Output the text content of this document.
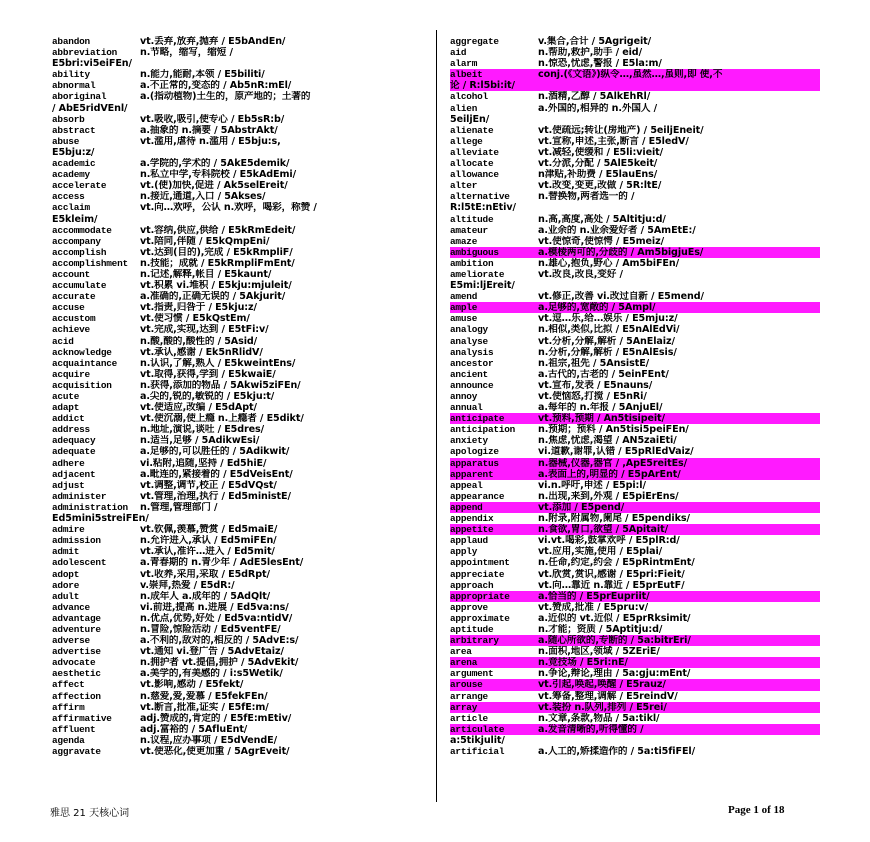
abandon	vt.丢弃,放弃,抛弃 / E5bAndEn/
abbreviation n.节略，缩写，缩短 /
E5bri:vi5eiFEn/
ability	n.能力,能耐,本领 / E5biliti/
abnormal	a.不正常的,变态的 / Ab5nR:mEl/
aboriginal	a.(指动植物)土生的，原产地的；土著的
/ AbE5ridVEnl/
absorb	vt.吸收,吸引,使专心 / Eb5sR:b/
abstract	a.抽象的 n.摘要 / 5AbstrAkt/
abuse	vt.滥用,虐待 n.滥用 / E5bju:s,
E5bju:z/
academic	a.学院的,学术的 / 5AkE5demik/
academy	n.私立中学,专科院校 / E5kAdEmi/
accelerate	vt.(使)加快,促进 / Ak5selEreit/
access	n.接近,通道,入口 / 5Akses/
acclaim	vt.向…欢呼，公认 n.欢呼，喝彩，称赞 /
E5kleim/
accommodate	vt.容纳,供应,供给 / E5kRmEdeit/
accompany	vt.陪同,伴随 / E5kQmpEni/
accomplish	vt.达到(目的),完成 / E5kRmpliF/
accomplishment n.技能；成就 / E5kRmpliFmEnt/
account	n.记述,解释,帐目 / E5kaunt/
accumulate	vt.积累 vi.堆积 / E5kju:mjuleit/
accurate	a.准确的,正确无误的 / 5Akjurit/
accuse	vt.指责,归咎于 / E5kju:z/
accustom	vt.使习惯 / E5kQstEm/
achieve	vt.完成,实现,达到 / E5tFi:v/
acid	n.酸,酸的,酸性的 / 5Asid/
acknowledge	vt.承认,感谢 / Ek5nRlidV/
acquaintance n.认识,了解,熟人 / E5kweintEns/
acquire	vt.取得,获得,学到 / E5kwaiE/
acquisition	n.获得,添加的物品 / 5Akwi5ziFEn/
acute	a.尖的,锐的,敏锐的 / E5kju:t/
adapt	vt.使适应,改编 / E5dApt/
addict	vt.使沉溺,使上瘾 n.上瘾者 / E5dikt/
address	n.地址,演说,谈吐 / E5dres/
adequacy	n.适当,足够 / 5AdikwEsi/
adequate	a.足够的,可以胜任的 / 5Adikwit/
adhere	vi.粘附,追随,坚持 / Ed5hiE/
adjacent	a.毗连的,紧接着的 / E5dVeisEnt/
adjust	vt.调整,调节,校正 / E5dVQst/
administer	vt.管理,治理,执行 / Ed5ministE/
administration n.管理,管理部门 /
Ed5mini5streiFEn/
admire	vt.钦佩,羡慕,赞赏 / Ed5maiE/
admission	n.允许进入,承认 / Ed5miFEn/
admit	vt.承认,准许…进入 / Ed5mit/
adolescent	a.青春期的 n.青少年 / AdE5lesEnt/
adopt	vt.收养,采用,采取 / E5dRpt/
adore	v.崇拜,热爱 / E5dR:/
adult	n.成年人 a.成年的 / 5AdQlt/
advance	vi.前进,提高 n.进展 / Ed5va:ns/
advantage	n.优点,优势,好处 / Ed5va:ntidV/
adventure	n.冒险,惊险活动 / Ed5ventFE/
adverse	a.不利的,敌对的,相反的 / 5AdvE:s/
advertise	vt.通知 vi.登广告 / 5AdvEtaiz/
advocate	n.拥护者 vt.提倡,拥护 / 5AdvEkit/
aesthetic	a.美学的,有美感的 / i:s5Wetik/
affect	vt.影响,感动 / E5fekt/
affection	n.慈爱,爱,爱慕 / E5fekFEn/
affirm	vt.断言,批准,证实 / E5fE:m/
affirmative	adj.赞成的,肯定的 / E5fE:mEtiv/
affluent	adj.富裕的 / 5AfluEnt/
agenda	n.议程,应办事项 / E5dVendE/
aggravate	vt.使恶化,使更加重 / 5AgrEveit/
aggregate	v.集合,合计 / 5Agrigeit/
aid	n.帮助,救护,助手 / eid/
alarm	n.惊恐,忧虑,警报 / E5la:m/
albeit	conj.(《文语》)纵令…,虽然…,虽则,即 使,不
论 / R:l5bi:it/
alcohol	n.酒精,乙醇 / 5AlkEhRl/
alien	a.外国的,相异的 n.外国人 /
5eiljEn/
alienate	vt.使疏远;转让(房地产) / 5eiljEneit/
allege	vt.宣称,申述,主张,断言 / E5ledV/
alleviate	vt.减轻,使缓和 / E5li:vieit/
allocate	vt.分派,分配 / 5AlE5keit/
allowance	n津贴,补助费 / E5lauEns/
alter	vt.改变,变更,改做 / 5R:ltE/
alternative	n.替换物,两者选一的 /
R:l5tE:nEtiv/
altitude	n.高,高度,高处 / 5Altitju:d/
amateur	a.业余的 n.业余爱好者 / 5AmEtE:/
amaze	vt.使惊奇,使惊愕 / E5meiz/
ambiguous	a.模棱两可的,分歧的 / Am5bigjuEs/
ambition	n.雄心,抱负,野心 / Am5biFEn/
ameliorate	vt.改良,改良,变好 /
E5mi:ljEreit/
amend	vt.修正,改善 vi.改过自新 / E5mend/
ample	a.足够的,宽敞的 / 5Ampl/
amuse	vt.逗…乐,给…娱乐 / E5mju:z/
analogy	n.相似,类似,比拟 / E5nAlEdVi/
analyse	vt.分析,分解,解析 / 5AnElaiz/
analysis	n.分析,分解,解析 / E5nAlEsis/
ancestor	n.祖宗,祖先 / 5AnsistE/
ancient	a.古代的,古老的 / 5einFEnt/
announce	vt.宣布,发表 / E5nauns/
annoy	vt.使恼怒,打搅 / E5nRi/
annual	a.每年的 n.年报 / 5AnjuEl/
anticipate	vt.预料,预期 / An5tisipeit/
anticipation n.预期；预料 / An5tisi5peiFEn/
anxiety	n.焦虑,忧虑,渴望 / AN5zaiEti/
apologize	vi.道歉,谢罪,认错 / E5pRlEdVaiz/
apparatus	n.器械,仪器,器官 / ,ApE5reitEs/
apparent	a.表面上的,明显的 / E5pArEnt/
appeal	vi.n.呼吁,申述 / E5pi:l/
appearance	n.出现,来到,外观 / E5piErEns/
append	vt.添加 / E5pend/
appendix	n.附录,附属物,阑尾 / E5pendiks/
appetite	n.食欲,胃口,欲望 / 5Apitait/
applaud	vi.vt.喝彩,鼓掌欢呼 / E5plR:d/
apply	vt.应用,实施,使用 / E5plai/
appointment	n.任命,约定,约会 / E5pRintmEnt/
appreciate	vt.欣赏,赏识,感谢 / E5pri:Fieit/
approach	vt.向…靠近 n.靠近 / E5prEutF/
appropriate	a.恰当的 / E5prEupriit/
approve	vt.赞成,批准 / E5pru:v/
approximate	a.近似的 vt.近似 / E5prRksimit/
aptitude	n.才能；资质 / 5Aptitju:d/
arbitrary	a.随心所欲的,专断的 / 5a:bitrEri/
area	n.面积,地区,领域 / 5ZEriE/
arena	n.竞技场 / E5ri:nE/
argument	n.争论,辩论,理由 / 5a:gju:mEnt/
arouse	vt.引起,唤起,唤醒 / E5rauz/
arrange	vt.筹备,整理,调解 / E5reindV/
array	vt.装扮 n.队列,排列 / E5rei/
article	n.文章,条款,物品 / 5a:tikl/
articulate	a.发音清晰的,听得懂的 /
a:5tikjulit/
artificial	a.人工的,矫揉造作的 / 5a:ti5fiFEl/
雅思 21 天核心词	Page 1 of 18
